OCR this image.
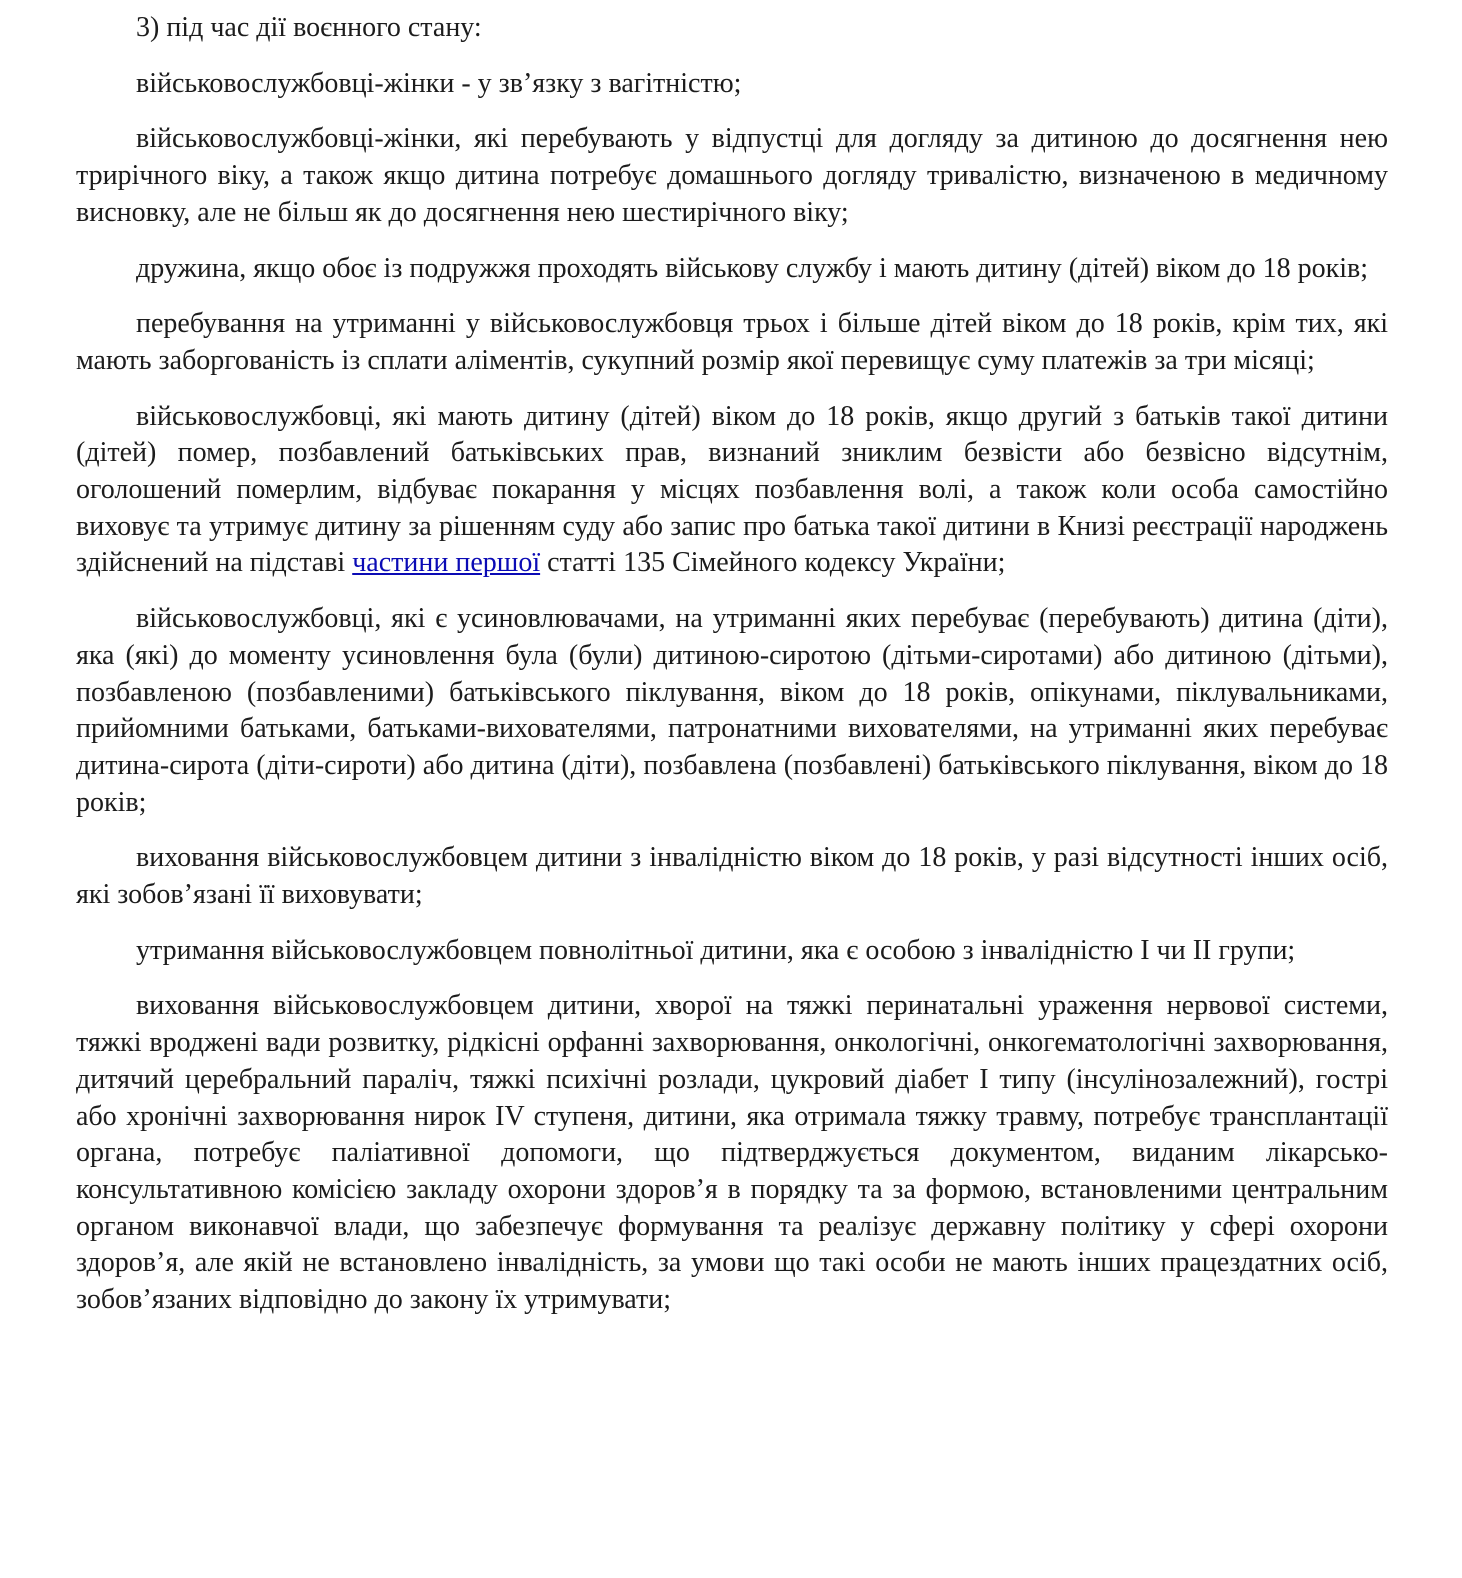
3) під час дії воєнного стану:

військовослужбовці-жінки - у зв’язку з вагітністю;

військовослужбовці-жінки, які перебувають у відпустці для догляду за дитиною до досягнення нею трирічного віку, а також якщо дитина потребує домашнього догляду тривалістю, визначеною в медичному висновку, але не більш як до досягнення нею шестирічного віку;

дружина, якщо обоє із подружжя проходять військову службу і мають дитину (дітей) віком до 18 років;

перебування на утриманні у військовослужбовця трьох і більше дітей віком до 18 років, крім тих, які мають заборгованість із сплати аліментів, сукупний розмір якої перевищує суму платежів за три місяці;

військовослужбовці, які мають дитину (дітей) віком до 18 років, якщо другий з батьків такої дитини (дітей) помер, позбавлений батьківських прав, визнаний зниклим безвісти або безвісно відсутнім, оголошений померлим, відбуває покарання у місцях позбавлення волі, а також коли особа самостійно виховує та утримує дитину за рішенням суду або запис про батька такої дитини в Книзі реєстрації народжень здійснений на підставі частини першої статті 135 Сімейного кодексу України;

військовослужбовці, які є усиновлювачами, на утриманні яких перебуває (перебувають) дитина (діти), яка (які) до моменту усиновлення була (були) дитиною-сиротою (дітьми-сиротами) або дитиною (дітьми), позбавленою (позбавленими) батьківського піклування, віком до 18 років, опікунами, піклувальниками, прийомними батьками, батьками-вихователями, патронатними вихователями, на утриманні яких перебуває дитина-сирота (діти-сироти) або дитина (діти), позбавлена (позбавлені) батьківського піклування, віком до 18 років;

виховання військовослужбовцем дитини з інвалідністю віком до 18 років, у разі відсутності інших осіб, які зобов’язані її виховувати;

утримання військовослужбовцем повнолітньої дитини, яка є особою з інвалідністю I чи II групи;

виховання військовослужбовцем дитини, хворої на тяжкі перинатальні ураження нервової системи, тяжкі вроджені вади розвитку, рідкісні орфанні захворювання, онкологічні, онкогематологічні захворювання, дитячий церебральний параліч, тяжкі психічні розлади, цукровий діабет I типу (інсулінозалежний), гострі або хронічні захворювання нирок IV ступеня, дитини, яка отримала тяжку травму, потребує трансплантації органа, потребує паліативної допомоги, що підтверджується документом, виданим лікарсько-консультативною комісією закладу охорони здоров’я в порядку та за формою, встановленими центральним органом виконавчої влади, що забезпечує формування та реалізує державну політику у сфері охорони здоров’я, але якій не встановлено інвалідність, за умови що такі особи не мають інших працездатних осіб, зобов’язаних відповідно до закону їх утримувати;
